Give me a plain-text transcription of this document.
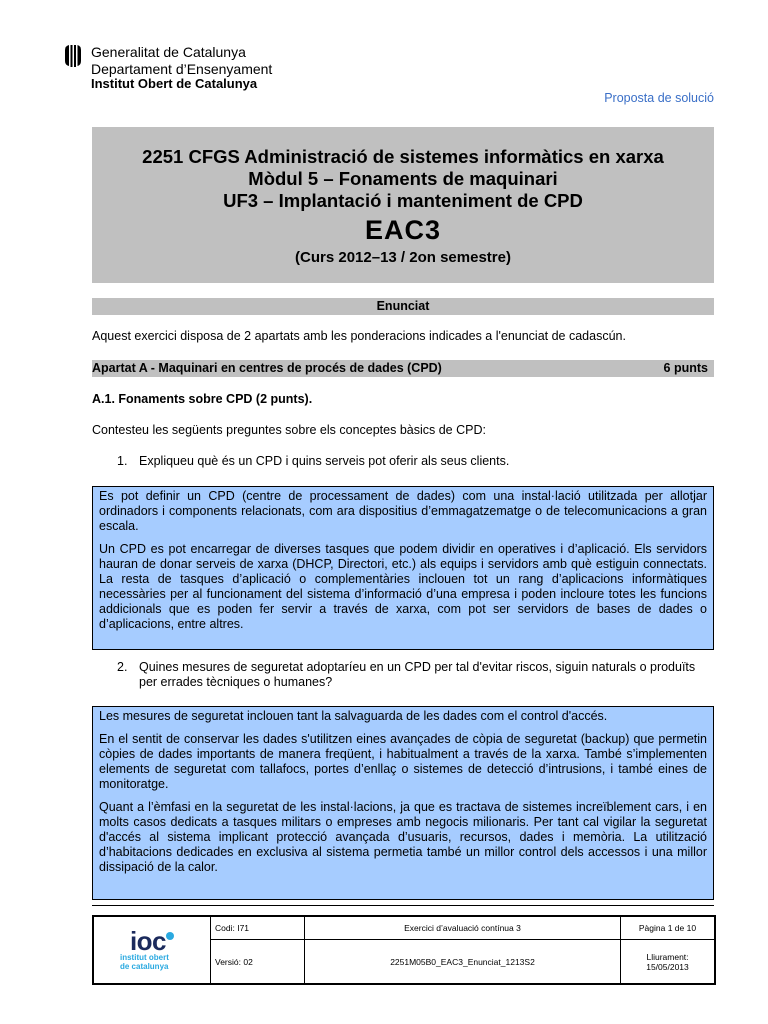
Generalitat de Catalunya
Departament d’Ensenyament
Institut Obert de Catalunya
Proposta de solució
2251 CFGS Administració de sistemes informàtics en xarxa
Mòdul 5 – Fonaments de maquinari
UF3 – Implantació i manteniment de CPD
EAC3
(Curs 2012–13 / 2on semestre)
Enunciat
Aquest exercici disposa de 2 apartats amb les ponderacions indicades a l'enunciat de cadascún.
Apartat A - Maquinari en centres de procés de dades (CPD)	6 punts
A.1. Fonaments sobre CPD (2 punts).
Contesteu les següents preguntes sobre els conceptes bàsics de CPD:
1. Expliqueu què és un CPD i quins serveis pot oferir als seus clients.

Es pot definir un CPD (centre de processament de dades) com una instal·lació utilitzada per allotjar ordinadors i components relacionats, com ara dispositius d’emmagatzematge o de telecomunicacions a gran escala.

Un CPD es pot encarregar de diverses tasques que podem dividir en operatives i d’aplicació. Els servidors hauran de donar serveis de xarxa (DHCP, Directori, etc.) als equips i servidors amb què estiguin connectats. La resta de tasques d’aplicació o complementàries inclouen tot un rang d’aplicacions informàtiques necessàries per al funcionament del sistema d’informació d’una empresa i poden incloure totes les funcions addicionals que es poden fer servir a través de xarxa, com pot ser servidors de bases de dades o d’aplicacions, entre altres.

2. Quines mesures de seguretat adoptaríeu en un CPD per tal d'evitar riscos, siguin naturals o produïts per errades tècniques o humanes?

Les mesures de seguretat inclouen tant la salvaguarda de les dades com el control d'accés.

En el sentit de conservar les dades s'utilitzen eines avançades de còpia de seguretat (backup) que permetin còpies de dades importants de manera freqüent, i habitualment a través de la xarxa. També s’implementen elements de seguretat com tallafocs, portes d’enllaç o sistemes de detecció d’intrusions, i també eines de monitoratge.

Quant a l’èmfasi en la seguretat de les instal·lacions, ja que es tractava de sistemes increïblement cars, i en molts casos dedicats a tasques militars o empreses amb negocis milionaris. Per tant cal vigilar la seguretat d'accés al sistema implicant protecció avançada d’usuaris, recursos, dades i memòria. La utilització d’habitacions dedicades en exclusiva al sistema permetia també un millor control dels accessos i una millor dissipació de la calor.

ioc
institut obert
de catalunya	Codi: I71	Exercici d’avaluació contínua 3	Pàgina 1 de 10
	Versió: 02	2251M05B0_EAC3_Enunciat_1213S2	Lliurament:
15/05/2013
